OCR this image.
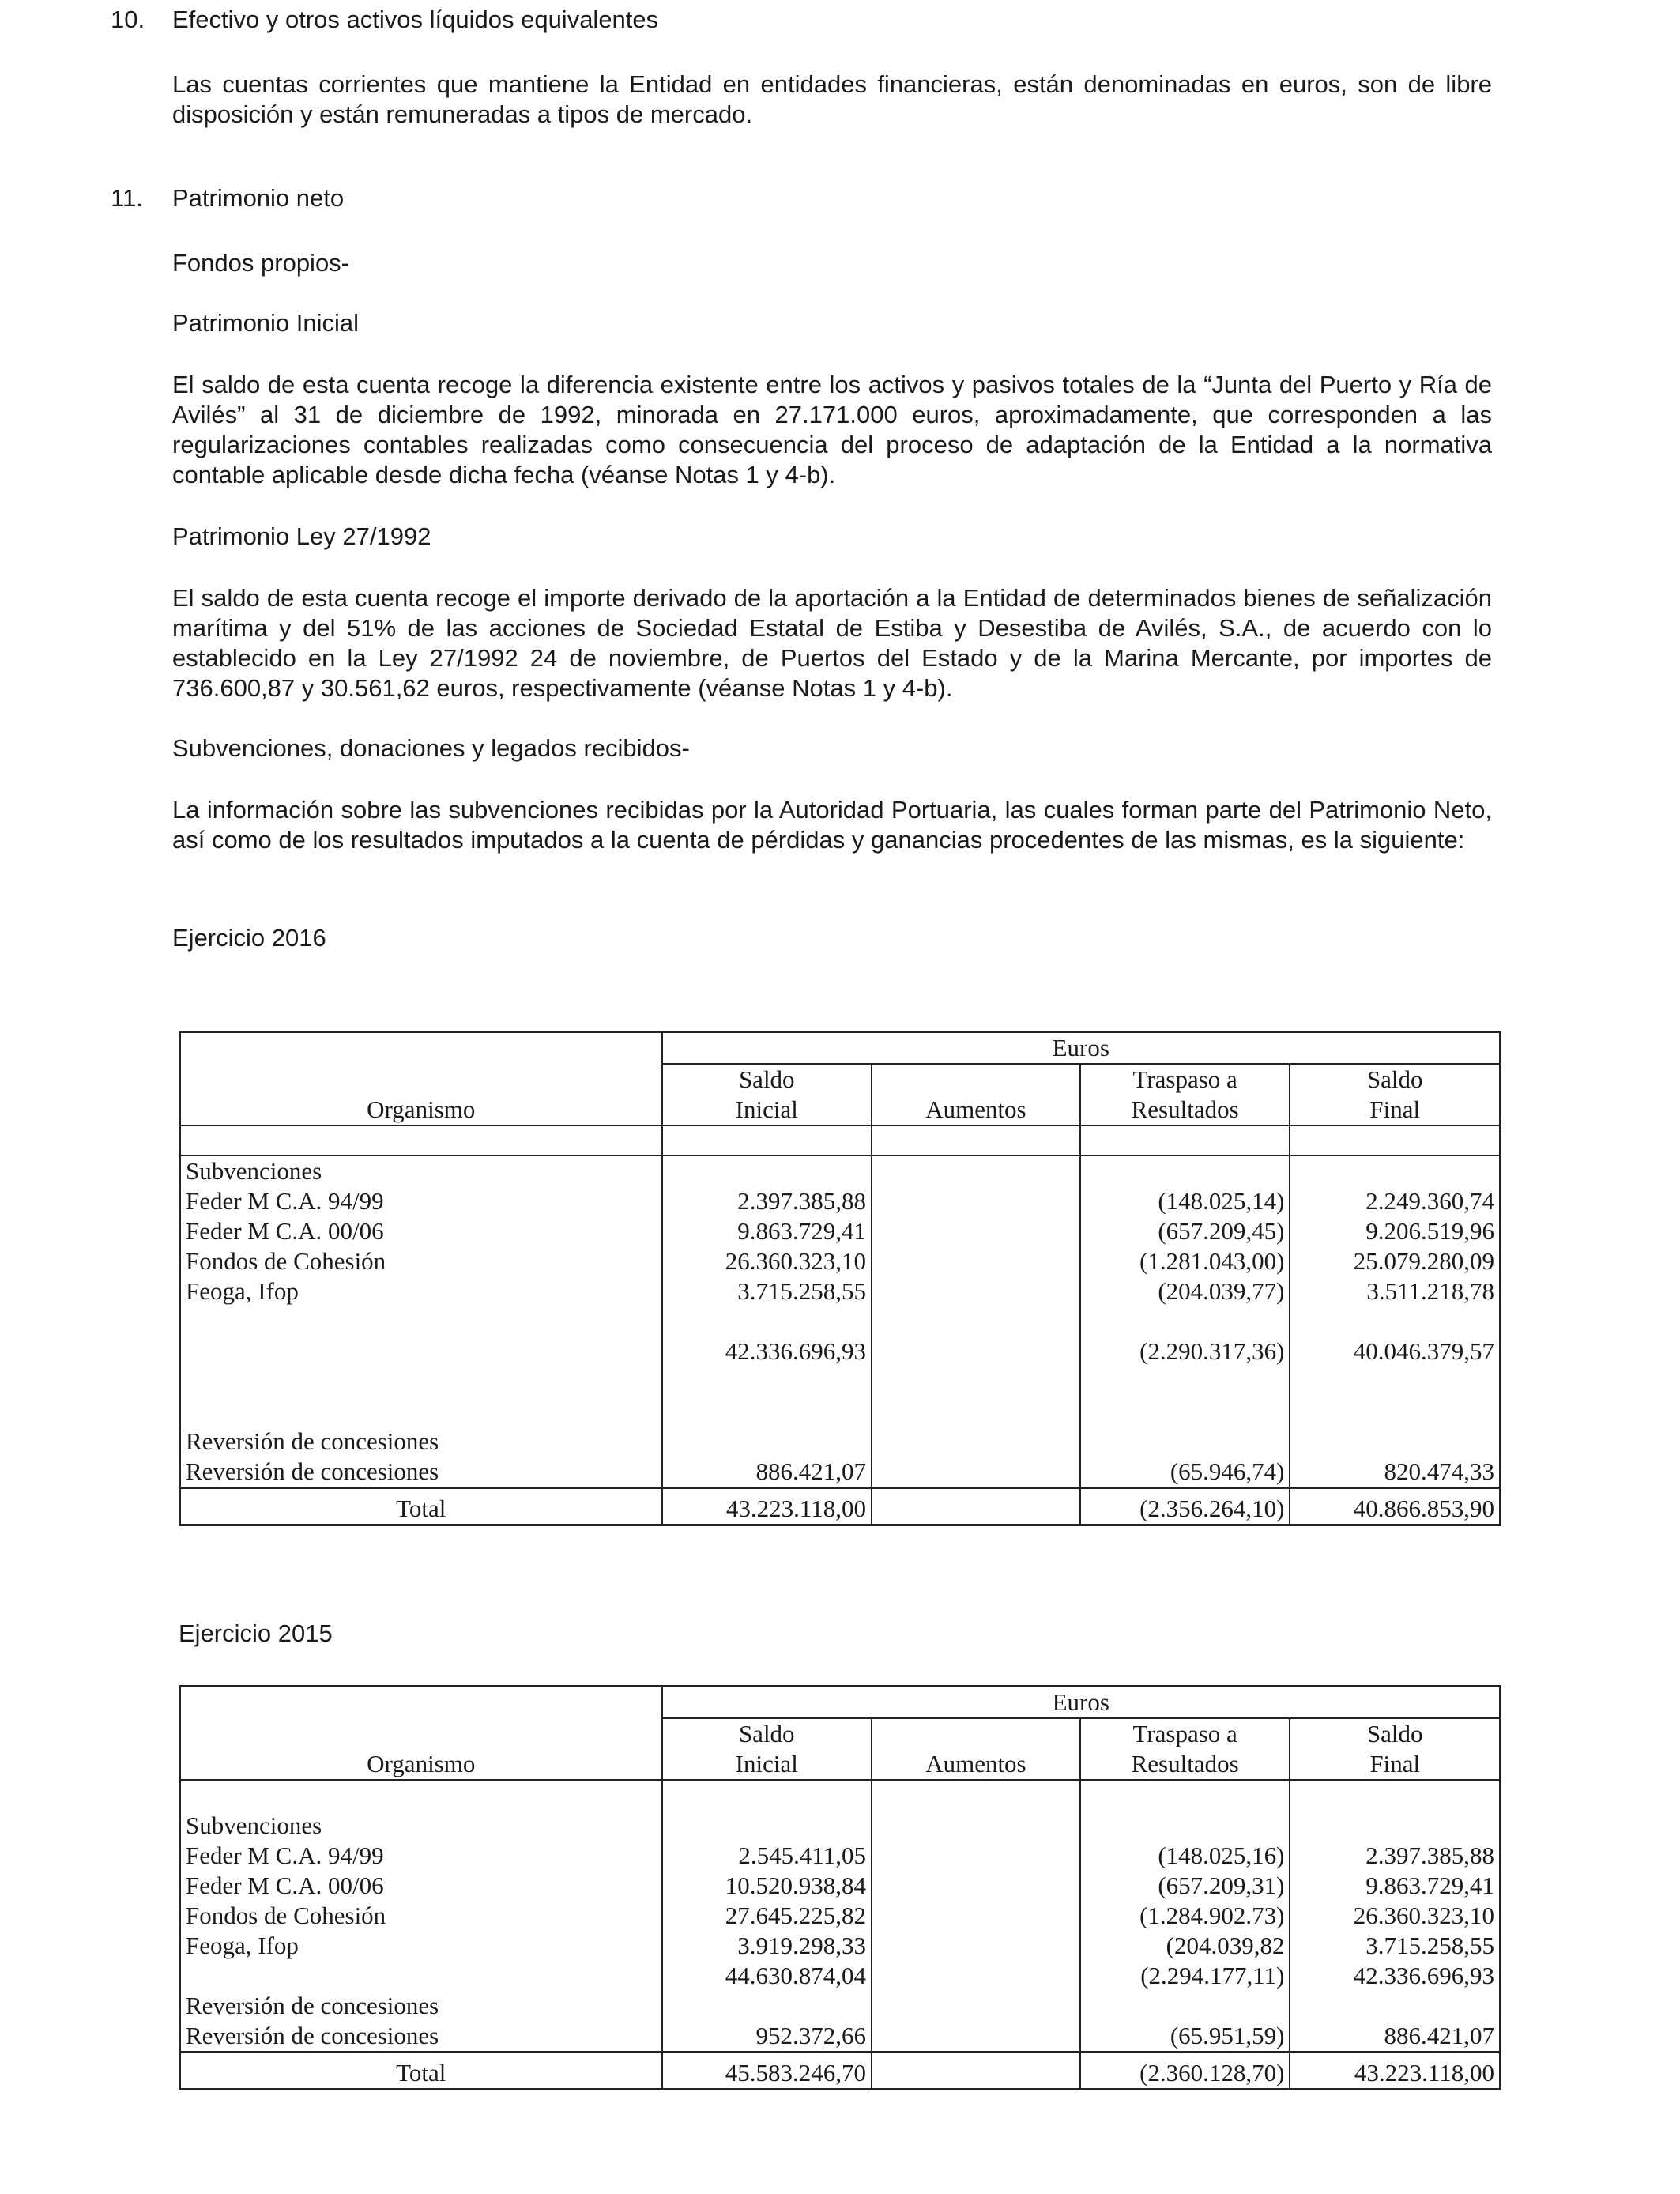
10. Efectivo y otros activos líquidos equivalentes
Las cuentas corrientes que mantiene la Entidad en entidades financieras, están denominadas en euros, son de libre disposición y están remuneradas a tipos de mercado.
11. Patrimonio neto
Fondos propios-
Patrimonio Inicial
El saldo de esta cuenta recoge la diferencia existente entre los activos y pasivos totales de la “Junta del Puerto y Ría de Avilés” al 31 de diciembre de 1992, minorada en 27.171.000 euros, aproximadamente, que corresponden a las regularizaciones contables realizadas como consecuencia del proceso de adaptación de la Entidad a la normativa contable aplicable desde dicha fecha (véanse Notas 1 y 4-b).
Patrimonio Ley 27/1992
El saldo de esta cuenta recoge el importe derivado de la aportación a la Entidad de determinados bienes de señalización marítima y del 51% de las acciones de Sociedad Estatal de Estiba y Desestiba de Avilés, S.A., de acuerdo con lo establecido en la Ley 27/1992 24 de noviembre, de Puertos del Estado y de la Marina Mercante, por importes de 736.600,87 y 30.561,62 euros, respectivamente (véanse Notas 1 y 4-b).
Subvenciones, donaciones y legados recibidos-
La información sobre las subvenciones recibidas por la Autoridad Portuaria, las cuales forman parte del Patrimonio Neto, así como de los resultados imputados a la cuenta de pérdidas y ganancias procedentes de las mismas, es la siguiente:
Ejercicio 2016
Organismo	Euros			
	Saldo	Aumentos	Traspaso a	Saldo
	Inicial		Resultados	Final

Subvenciones				
Feder M C.A. 94/99	2.397.385,88		(148.025,14)	2.249.360,74
Feder M C.A. 00/06	9.863.729,41		(657.209,45)	9.206.519,96
Fondos de Cohesión	26.360.323,10		(1.281.043,00)	25.079.280,09
Feoga, Ifop	3.715.258,55		(204.039,77)	3.511.218,78

	42.336.696,93		(2.290.317,36)	40.046.379,57

Reversión de concesiones				
Reversión de concesiones	886.421,07		(65.946,74)	820.474,33
Total	43.223.118,00		(2.356.264,10)	40.866.853,90
Ejercicio 2015
Organismo	Euros			
	Saldo	Aumentos	Traspaso a	Saldo
	Inicial		Resultados	Final

Subvenciones				
Feder M C.A. 94/99	2.545.411,05		(148.025,16)	2.397.385,88
Feder M C.A. 00/06	10.520.938,84		(657.209,31)	9.863.729,41
Fondos de Cohesión	27.645.225,82		(1.284.902.73)	26.360.323,10
Feoga, Ifop	3.919.298,33		(204.039,82	3.715.258,55
	44.630.874,04		(2.294.177,11)	42.336.696,93
Reversión de concesiones				
Reversión de concesiones	952.372,66		(65.951,59)	886.421,07
Total	45.583.246,70		(2.360.128,70)	43.223.118,00
